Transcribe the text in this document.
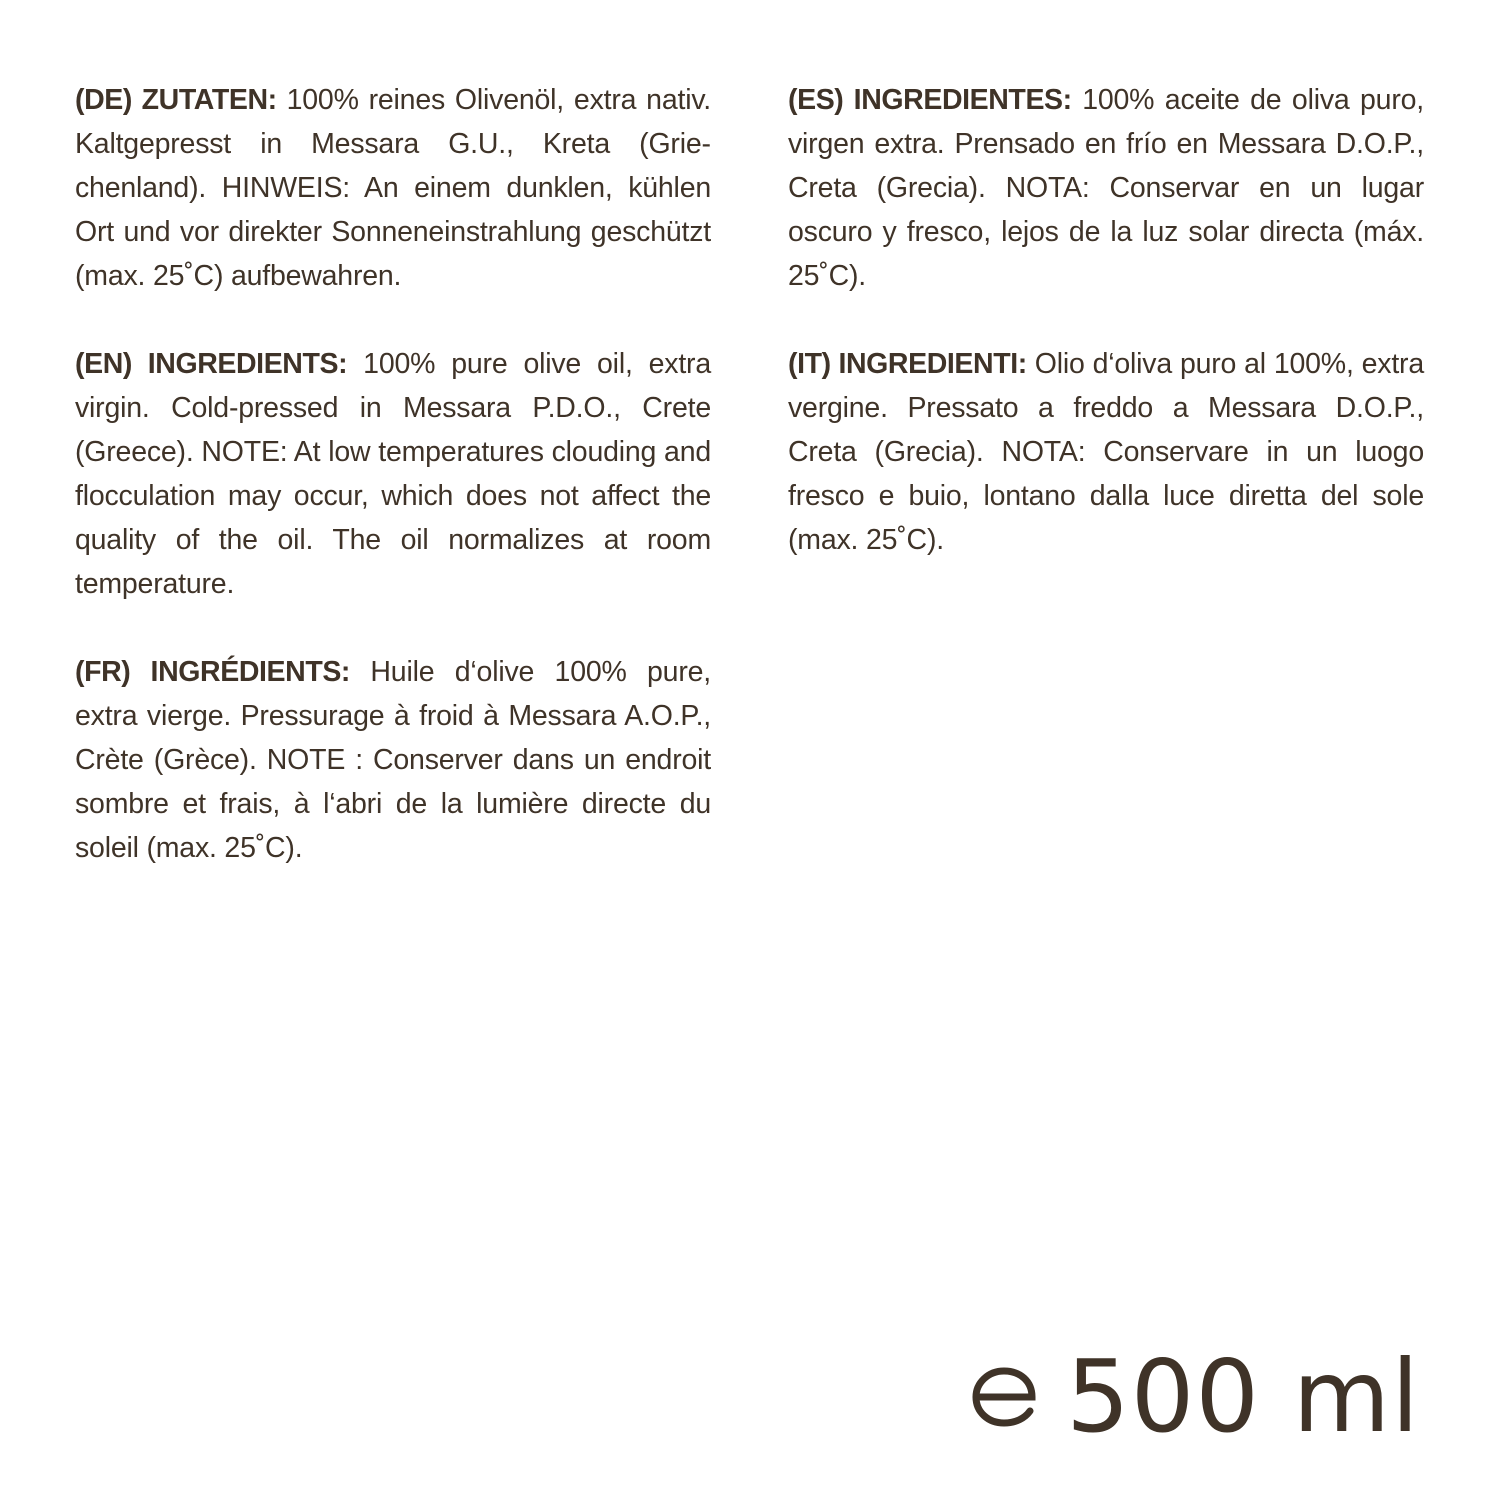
(DE) ZUTATEN: 100% reines Olivenöl, extra nativ. Kaltgepresst in Messara G.U., Kreta (Griechenland). HINWEIS: An einem dunklen, kühlen Ort und vor direkter Sonneneinstrahlung geschützt (max. 25˚C) aufbewahren.

(EN) INGREDIENTS: 100% pure olive oil, extra virgin. Cold-pressed in Messara P.D.O., Crete (Greece). NOTE: At low temperatures clouding and flocculation may occur, which does not affect the quality of the oil. The oil normalizes at room temperature.

(FR) INGRÉDIENTS: Huile d‘olive 100% pure, extra vierge. Pressurage à froid à Messara A.O.P., Crète (Grèce). NOTE : Conserver dans un endroit sombre et frais, à l‘abri de la lumière directe du soleil (max. 25˚C).

(ES) INGREDIENTES: 100% aceite de oliva puro, virgen extra. Prensado en frío en Messara D.O.P., Creta (Grecia). NOTA: Conservar en un lugar oscuro y fresco, lejos de la luz solar directa (máx. 25˚C).

(IT) INGREDIENTI: Olio d‘oliva puro al 100%, extra vergine. Pressato a freddo a Messara D.O.P., Creta (Grecia). NOTA: Conservare in un luogo fresco e buio, lontano dalla luce diretta del sole (max. 25˚C).

500 ml
